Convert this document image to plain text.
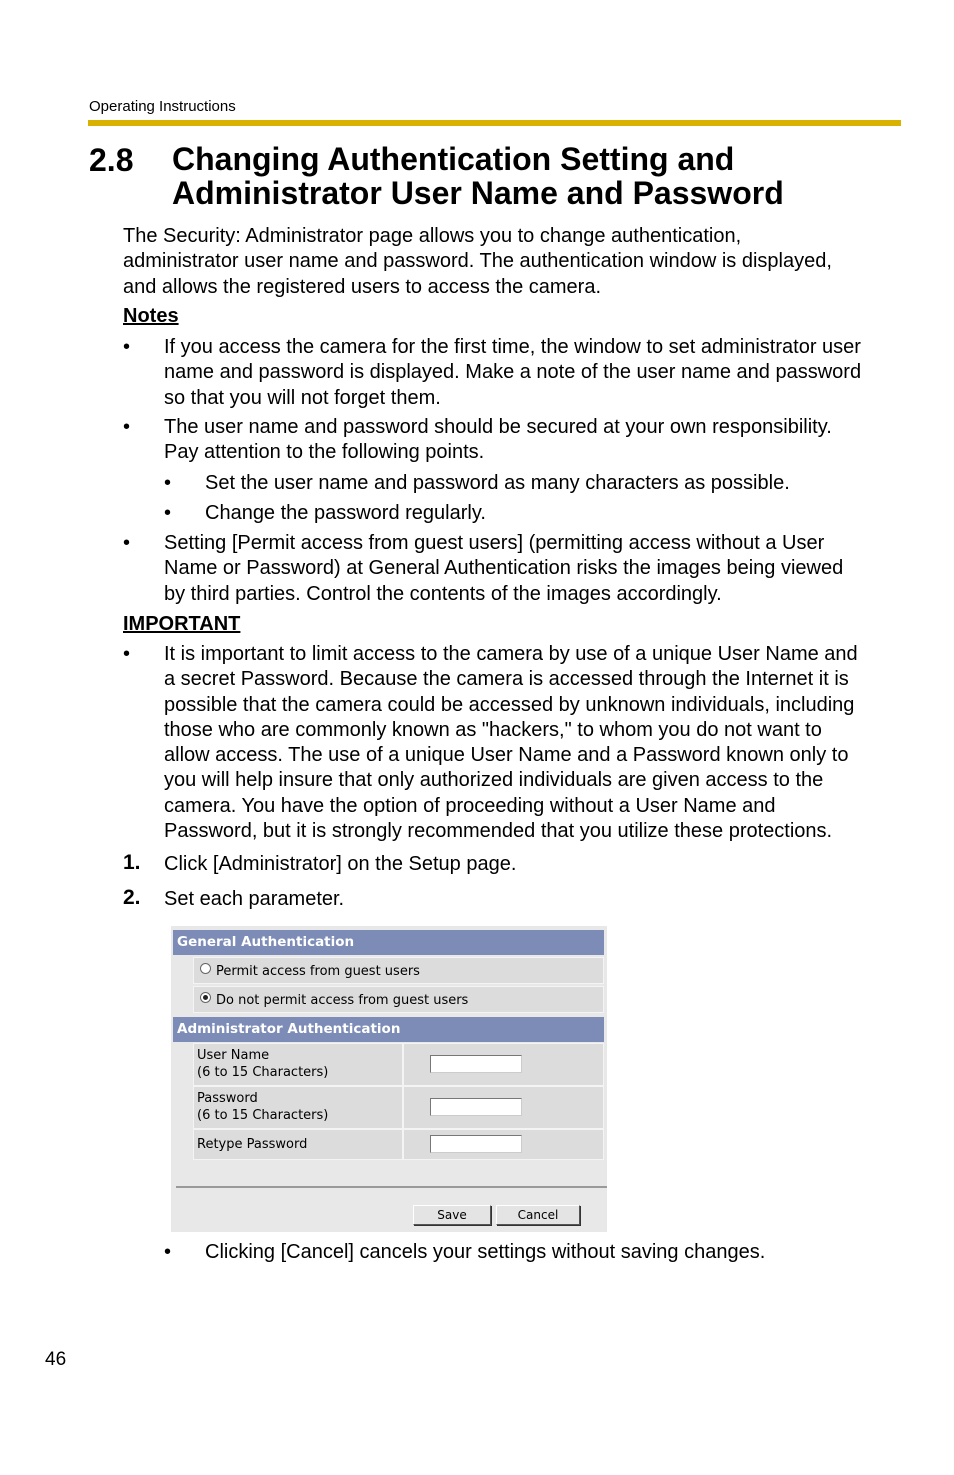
Operating Instructions
2.8 Changing Authentication Setting and
Administrator User Name and Password
The Security: Administrator page allows you to change authentication,
administrator user name and password. The authentication window is displayed,
and allows the registered users to access the camera.
Notes
• If you access the camera for the first time, the window to set administrator user
name and password is displayed. Make a note of the user name and password
so that you will not forget them.
• The user name and password should be secured at your own responsibility.
Pay attention to the following points.
• Set the user name and password as many characters as possible.
• Change the password regularly.
• Setting [Permit access from guest users] (permitting access without a User
Name or Password) at General Authentication risks the images being viewed
by third parties. Control the contents of the images accordingly.
IMPORTANT
• It is important to limit access to the camera by use of a unique User Name and
a secret Password. Because the camera is accessed through the Internet it is
possible that the camera could be accessed by unknown individuals, including
those who are commonly known as "hackers," to whom you do not want to
allow access. The use of a unique User Name and a Password known only to
you will help insure that only authorized individuals are given access to the
camera. You have the option of proceeding without a User Name and
Password, but it is strongly recommended that you utilize these protections.
1. Click [Administrator] on the Setup page.
2. Set each parameter.
General Authentication
Permit access from guest users
Do not permit access from guest users
Administrator Authentication
User Name
(6 to 15 Characters)
Password
(6 to 15 Characters)
Retype Password
Save	Cancel
• Clicking [Cancel] cancels your settings without saving changes.
46
